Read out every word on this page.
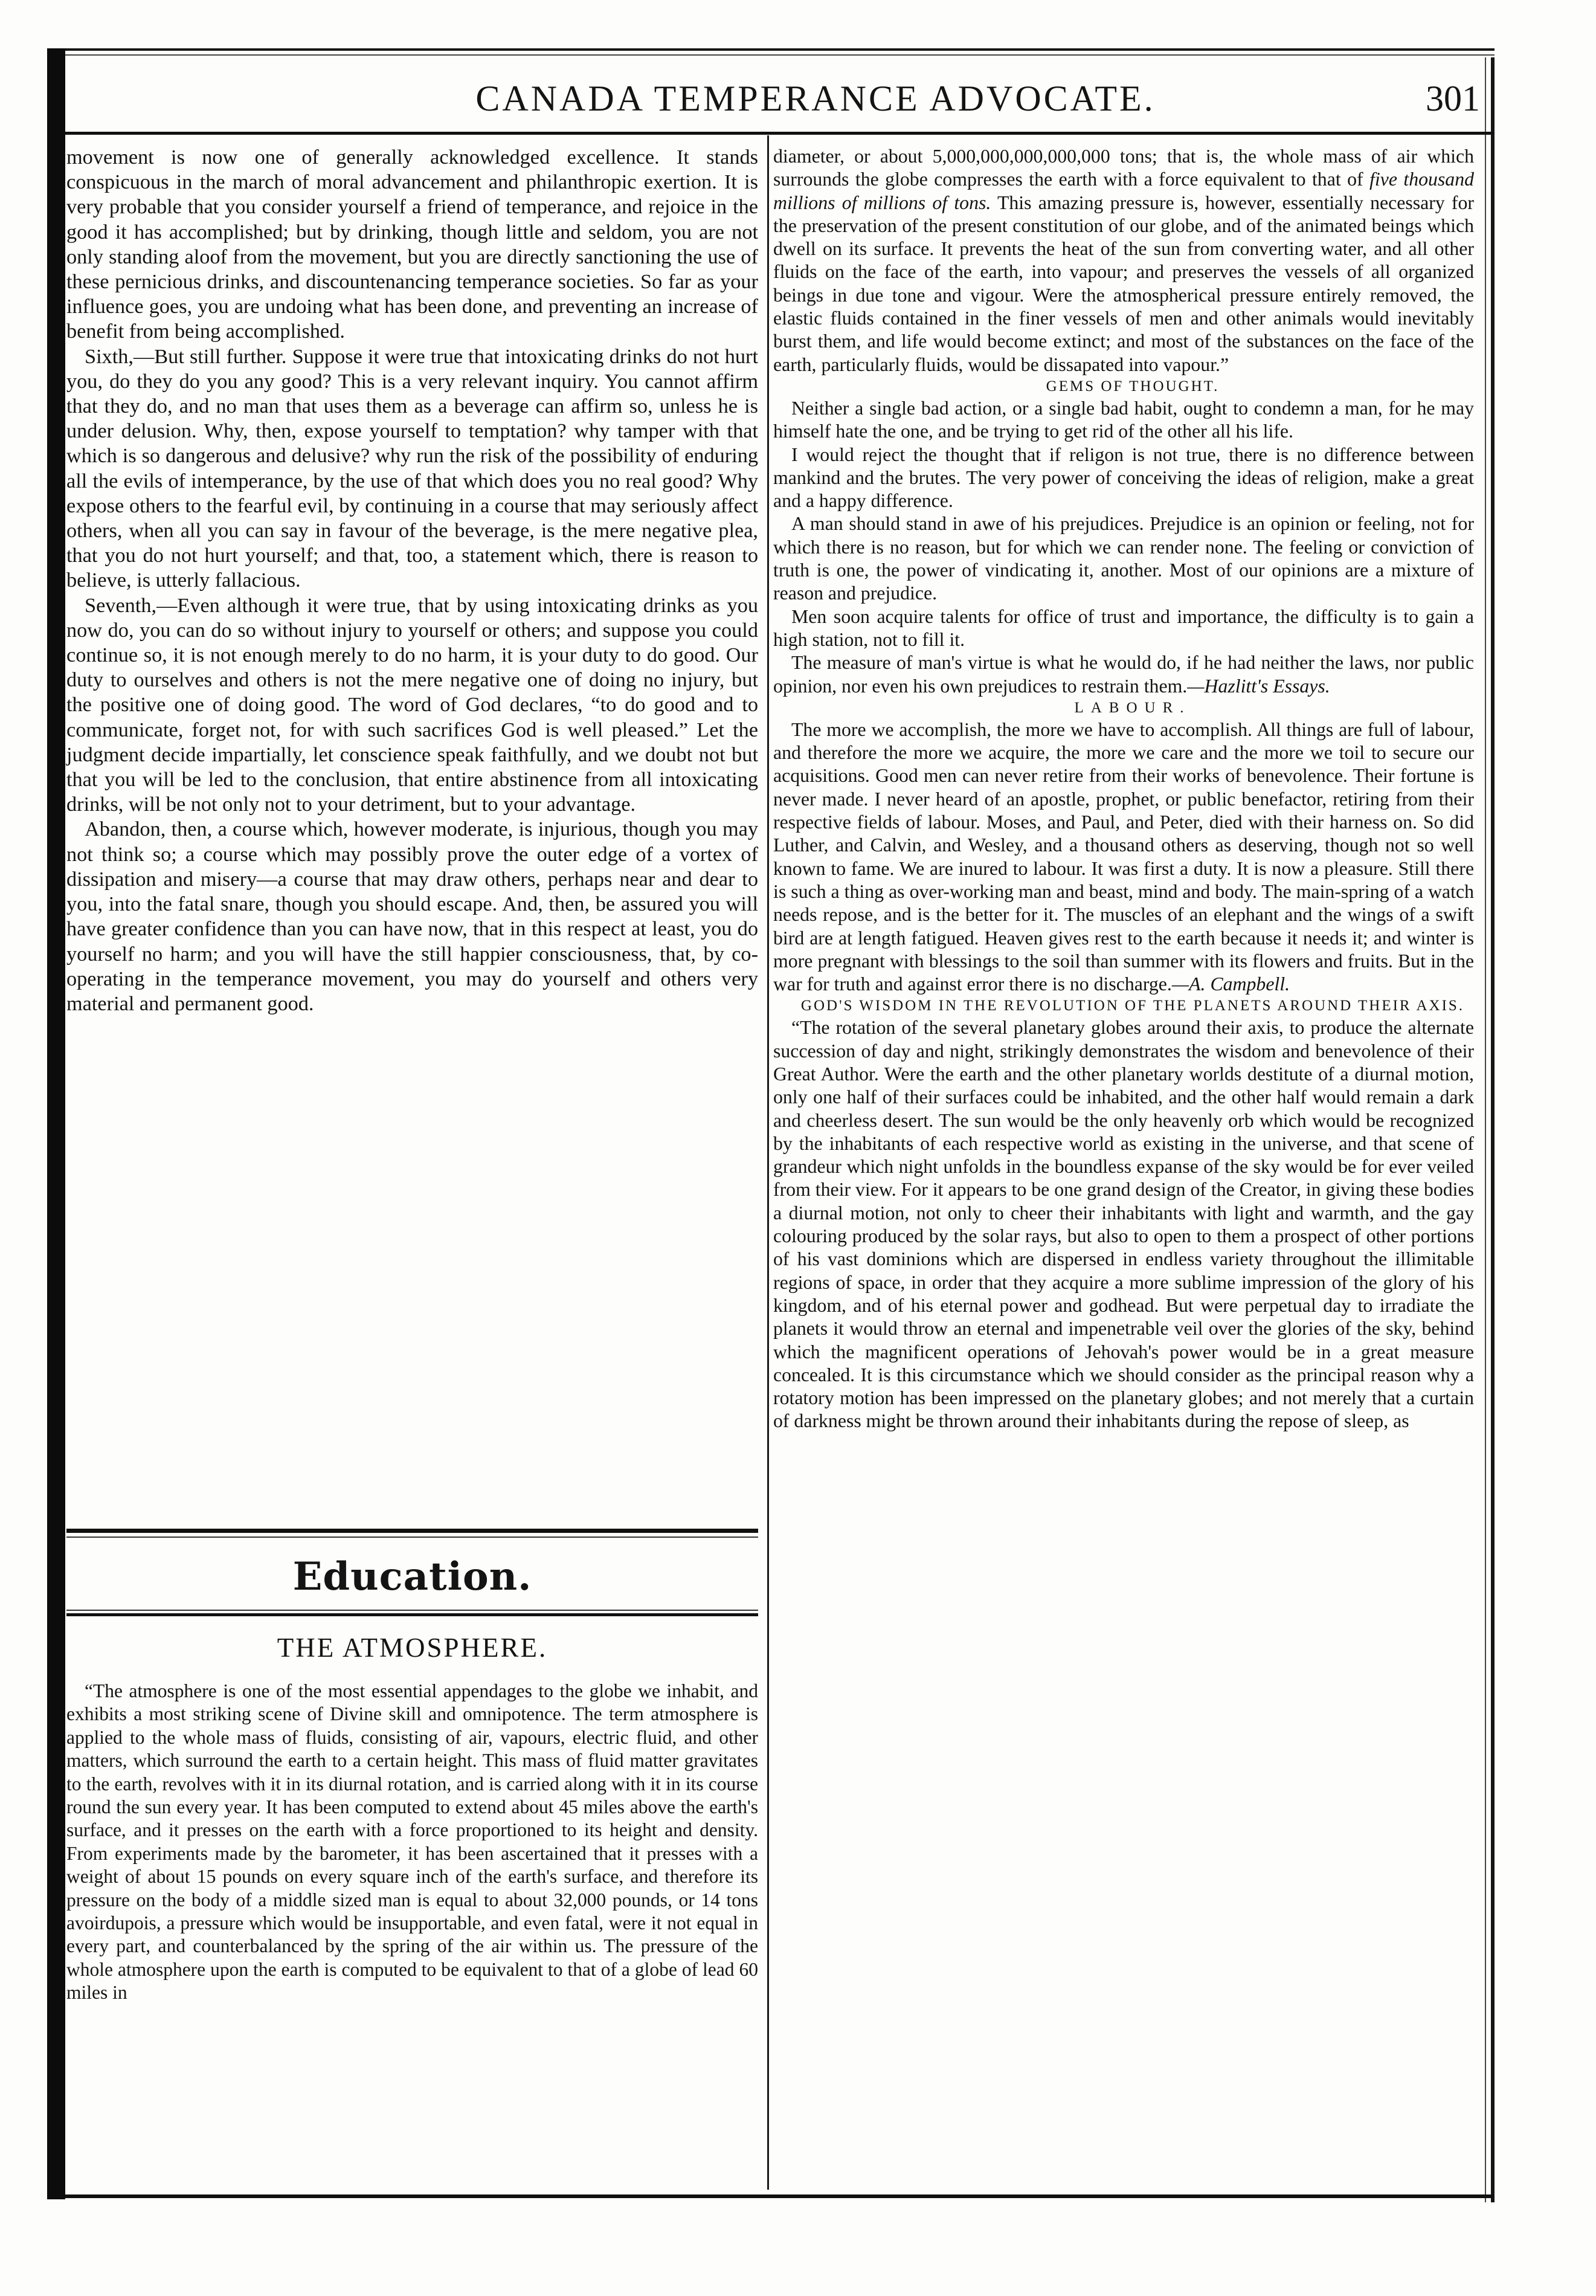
CANADA TEMPERANCE ADVOCATE.	301

movement is now one of generally acknowledged excellence. It stands conspicuous in the march of moral advancement and philanthropic exertion. It is very probable that you consider yourself a friend of temperance, and rejoice in the good it has accomplished; but by drinking, though little and seldom, you are not only standing aloof from the movement, but you are directly sanctioning the use of these pernicious drinks, and discountenancing temperance societies. So far as your influence goes, you are undoing what has been done, and preventing an increase of benefit from being accomplished.

Sixth,—But still further. Suppose it were true that intoxicating drinks do not hurt you, do they do you any good? This is a very relevant inquiry. You cannot affirm that they do, and no man that uses them as a beverage can affirm so, unless he is under delusion. Why, then, expose yourself to temptation? why tamper with that which is so dangerous and delusive? why run the risk of the possibility of enduring all the evils of intemperance, by the use of that which does you no real good? Why expose others to the fearful evil, by continuing in a course that may seriously affect others, when all you can say in favour of the beverage, is the mere negative plea, that you do not hurt yourself; and that, too, a statement which, there is reason to believe, is utterly fallacious.

Seventh,—Even although it were true, that by using intoxicating drinks as you now do, you can do so without injury to yourself or others; and suppose you could continue so, it is not enough merely to do no harm, it is your duty to do good. Our duty to ourselves and others is not the mere negative one of doing no injury, but the positive one of doing good. The word of God declares, “to do good and to communicate, forget not, for with such sacrifices God is well pleased.” Let the judgment decide impartially, let conscience speak faithfully, and we doubt not but that you will be led to the conclusion, that entire abstinence from all intoxicating drinks, will be not only not to your detriment, but to your advantage.

Abandon, then, a course which, however moderate, is injurious, though you may not think so; a course which may possibly prove the outer edge of a vortex of dissipation and misery—a course that may draw others, perhaps near and dear to you, into the fatal snare, though you should escape. And, then, be assured you will have greater confidence than you can have now, that in this respect at least, you do yourself no harm; and you will have the still happier consciousness, that, by co-operating in the temperance movement, you may do yourself and others very material and permanent good.

Education.
THE ATMOSPHERE.

“The atmosphere is one of the most essential appendages to the globe we inhabit, and exhibits a most striking scene of Divine skill and omnipotence. The term atmosphere is applied to the whole mass of fluids, consisting of air, vapours, electric fluid, and other matters, which surround the earth to a certain height. This mass of fluid matter gravitates to the earth, revolves with it in its diurnal rotation, and is carried along with it in its course round the sun every year. It has been computed to extend about 45 miles above the earth's surface, and it presses on the earth with a force proportioned to its height and density. From experiments made by the barometer, it has been ascertained that it presses with a weight of about 15 pounds on every square inch of the earth's surface, and therefore its pressure on the body of a middle sized man is equal to about 32,000 pounds, or 14 tons avoirdupois, a pressure which would be insupportable, and even fatal, were it not equal in every part, and counterbalanced by the spring of the air within us. The pressure of the whole atmosphere upon the earth is computed to be equivalent to that of a globe of lead 60 miles in

diameter, or about 5,000,000,000,000,000 tons; that is, the whole mass of air which surrounds the globe compresses the earth with a force equivalent to that of five thousand millions of millions of tons. This amazing pressure is, however, essentially necessary for the preservation of the present constitution of our globe, and of the animated beings which dwell on its surface. It prevents the heat of the sun from converting water, and all other fluids on the face of the earth, into vapour; and preserves the vessels of all organized beings in due tone and vigour. Were the atmospherical pressure entirely removed, the elastic fluids contained in the finer vessels of men and other animals would inevitably burst them, and life would become extinct; and most of the substances on the face of the earth, particularly fluids, would be dissapated into vapour.”

GEMS OF THOUGHT.

Neither a single bad action, or a single bad habit, ought to condemn a man, for he may himself hate the one, and be trying to get rid of the other all his life.

I would reject the thought that if religon is not true, there is no difference between mankind and the brutes. The very power of conceiving the ideas of religion, make a great and a happy difference.

A man should stand in awe of his prejudices. Prejudice is an opinion or feeling, not for which there is no reason, but for which we can render none. The feeling or conviction of truth is one, the power of vindicating it, another. Most of our opinions are a mixture of reason and prejudice.

Men soon acquire talents for office of trust and importance, the difficulty is to gain a high station, not to fill it.

The measure of man's virtue is what he would do, if he had neither the laws, nor public opinion, nor even his own prejudices to restrain them.—Hazlitt's Essays.

LABOUR.

The more we accomplish, the more we have to accomplish. All things are full of labour, and therefore the more we acquire, the more we care and the more we toil to secure our acquisitions. Good men can never retire from their works of benevolence. Their fortune is never made. I never heard of an apostle, prophet, or public benefactor, retiring from their respective fields of labour. Moses, and Paul, and Peter, died with their harness on. So did Luther, and Calvin, and Wesley, and a thousand others as deserving, though not so well known to fame. We are inured to labour. It was first a duty. It is now a pleasure. Still there is such a thing as over-working man and beast, mind and body. The main-spring of a watch needs repose, and is the better for it. The muscles of an elephant and the wings of a swift bird are at length fatigued. Heaven gives rest to the earth because it needs it; and winter is more pregnant with blessings to the soil than summer with its flowers and fruits. But in the war for truth and against error there is no discharge.—A. Campbell.

GOD'S WISDOM IN THE REVOLUTION OF THE PLANETS AROUND THEIR AXIS.

“The rotation of the several planetary globes around their axis, to produce the alternate succession of day and night, strikingly demonstrates the wisdom and benevolence of their Great Author. Were the earth and the other planetary worlds destitute of a diurnal motion, only one half of their surfaces could be inhabited, and the other half would remain a dark and cheerless desert. The sun would be the only heavenly orb which would be recognized by the inhabitants of each respective world as existing in the universe, and that scene of grandeur which night unfolds in the boundless expanse of the sky would be for ever veiled from their view. For it appears to be one grand design of the Creator, in giving these bodies a diurnal motion, not only to cheer their inhabitants with light and warmth, and the gay colouring produced by the solar rays, but also to open to them a prospect of other portions of his vast dominions which are dispersed in endless variety throughout the illimitable regions of space, in order that they acquire a more sublime impression of the glory of his kingdom, and of his eternal power and godhead. But were perpetual day to irradiate the planets it would throw an eternal and impenetrable veil over the glories of the sky, behind which the magnificent operations of Jehovah's power would be in a great measure concealed. It is this circumstance which we should consider as the principal reason why a rotatory motion has been impressed on the planetary globes; and not merely that a curtain of darkness might be thrown around their inhabitants during the repose of sleep, as
